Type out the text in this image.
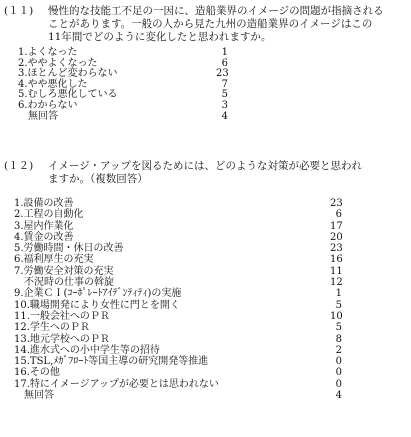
(１１)	慢性的な技能工不足の一因に、造船業界のイメージの問題が指摘される
ことがあります。一般の人から見た九州の造船業界のイメージはこの
11年間でどのように変化したと思われますか。
1.よくなった	1
2.ややよくなった	6
3.ほとんど変わらない	23
4.やや悪化した	7
5.むしろ悪化している	5
6.わからない	3
　無回答	4
(１２)	イメージ・アップを図るためには、どのような対策が必要と思われ
ますか。（複数回答）
1.設備の改善	23
2.工程の自動化	6
3.屋内作業化	17
4.賃金の改善	20
5.労働時間・休日の改善	23
6.福利厚生の充実	16
7.労働安全対策の充実	11
　不況時の仕事の斡旋	12
9.企業ＣＩ(ｺｰﾎﾟﾚｰﾄｱｲﾃﾞﾝﾃｨﾃｨ)の実施	1
10.職場開発により女性に門とを開く	5
11.一般会社へのＰＲ	10
12.学生へのＰＲ	5
13.地元学校へのＰＲ	8
14.進水式への小中学生等の招待	2
15.TSL,ﾒｶﾞﾌﾛｰﾄ等国主導の研究開発等推進	0
16.その他	0
17.特にイメージアップが必要とは思われない	0
　無回答	4
